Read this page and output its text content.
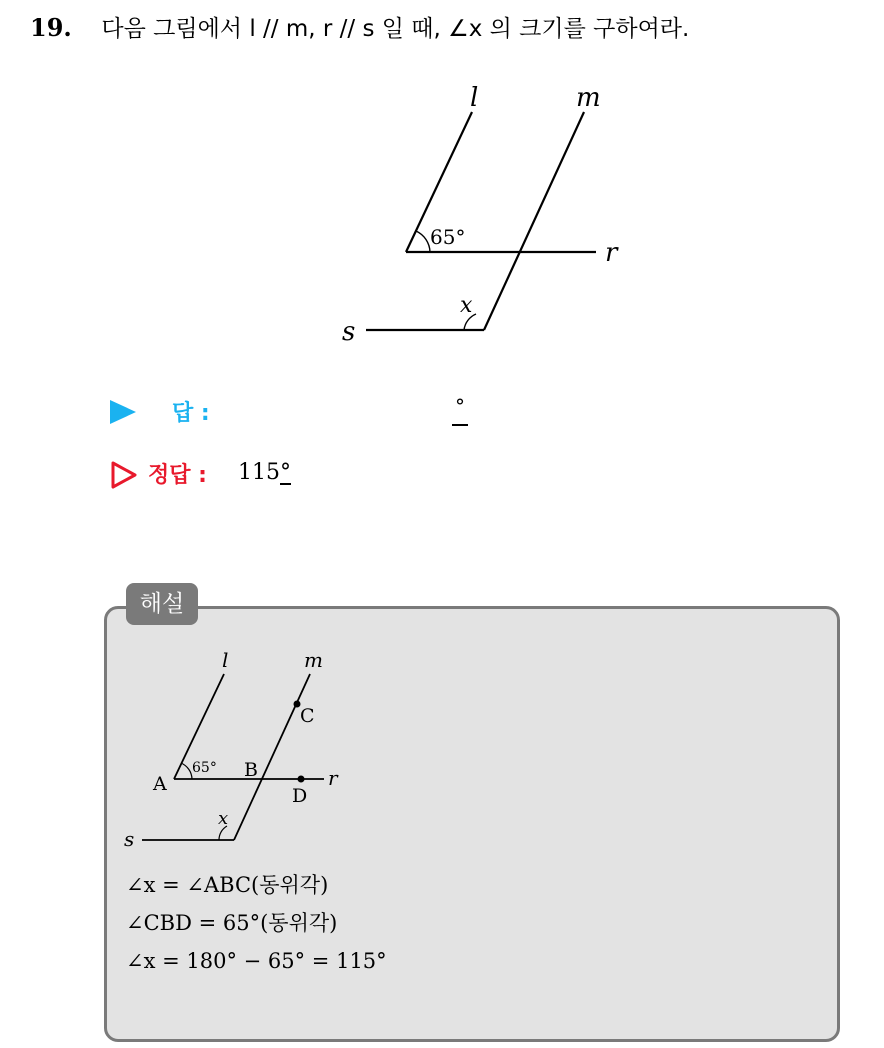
19. 다음 그림에서 l // m, r // s 일 때, ∠x 의 크기를 구하여라.
l	m
r
s
65°
x
답 :	°
정답 : 115°
해설
l	m
r
s
A
B
C
D
65°
x
∠x = ∠ABC(동위각)
∠CBD = 65°(동위각)
∠x = 180° − 65° = 115°
